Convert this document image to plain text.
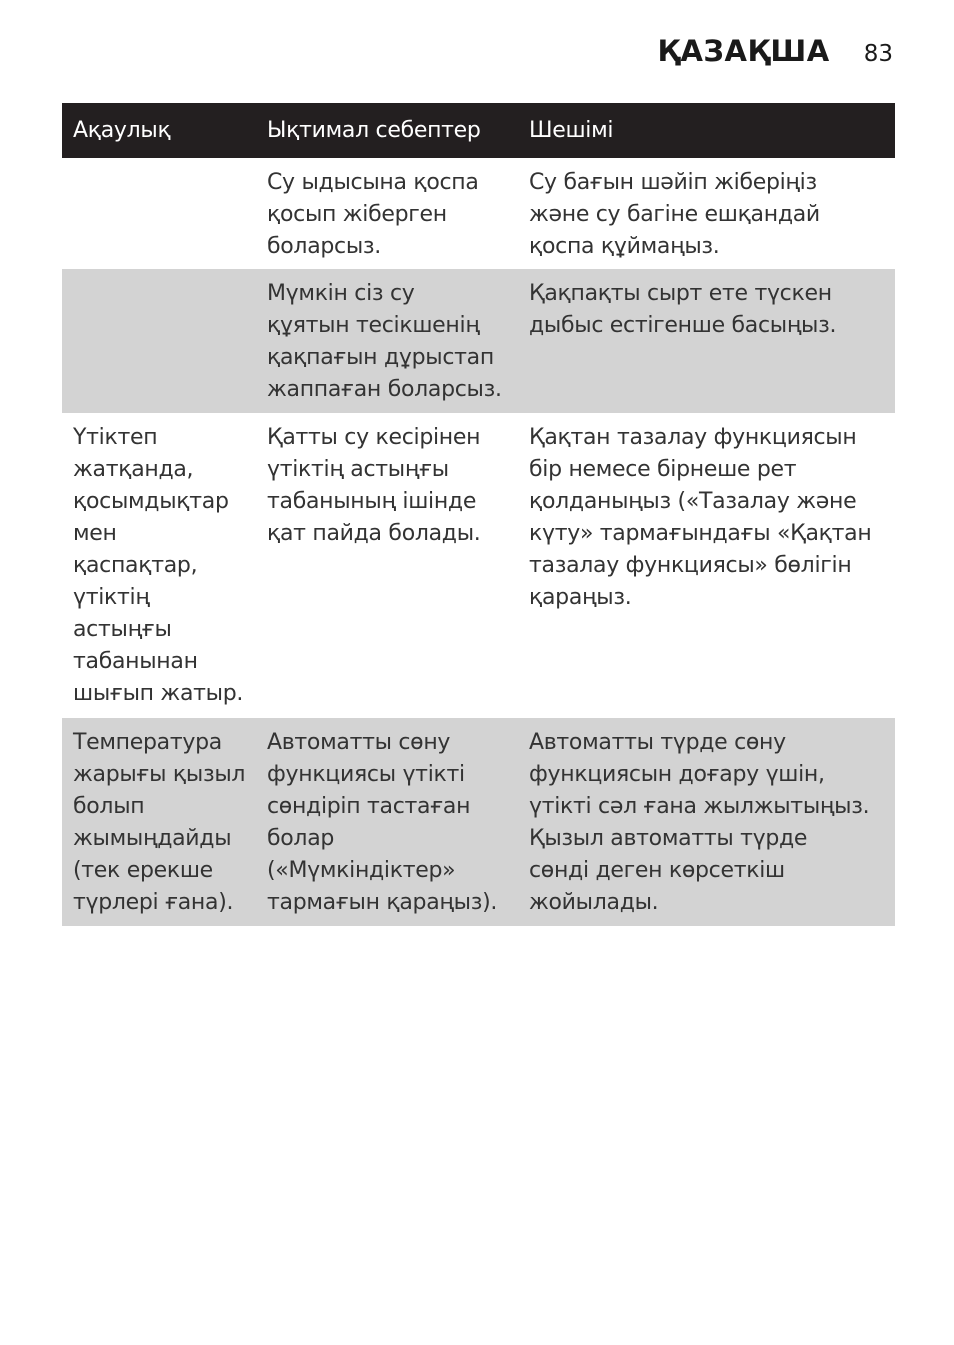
ҚАЗАҚША 83
Ақаулық	Ықтимал себептер	Шешімі
Су ыдысына қоспа
қосып жіберген
боларсыз.
Су бағын шәйіп жіберіңіз
және су багіне ешқандай
қоспа құймаңыз.
Мүмкін сіз су
құятын тесікшенің
қақпағын дұрыстап
жаппаған боларсыз.
Қақпақты сырт ете түскен
дыбыс естігенше басыңыз.
Үтіктеп
жатқанда,
қосымдықтар
мен
қаспақтар,
үтіктің
астыңғы
табанынан
шығып жатыр.
Қатты су кесірінен
үтіктің астыңғы
табанының ішінде
қат пайда болады.
Қақтан тазалау функциясын
бір немесе бірнеше рет
қолданыңыз («Тазалау және
күту» тармағындағы «Қақтан
тазалау функциясы» бөлігін
қараңыз.
Температура
жарығы қызыл
болып
жымыңдайды
(тек ерекше
түрлері ғана).
Автоматты сөну
функциясы үтікті
сөндіріп тастаған
болар
(«Мүмкіндіктер»
тармағын қараңыз).
Автоматты түрде сөну
функциясын доғару үшін,
үтікті сәл ғана жылжытыңыз.
Қызыл автоматты түрде
сөнді деген көрсеткіш
жойылады.
